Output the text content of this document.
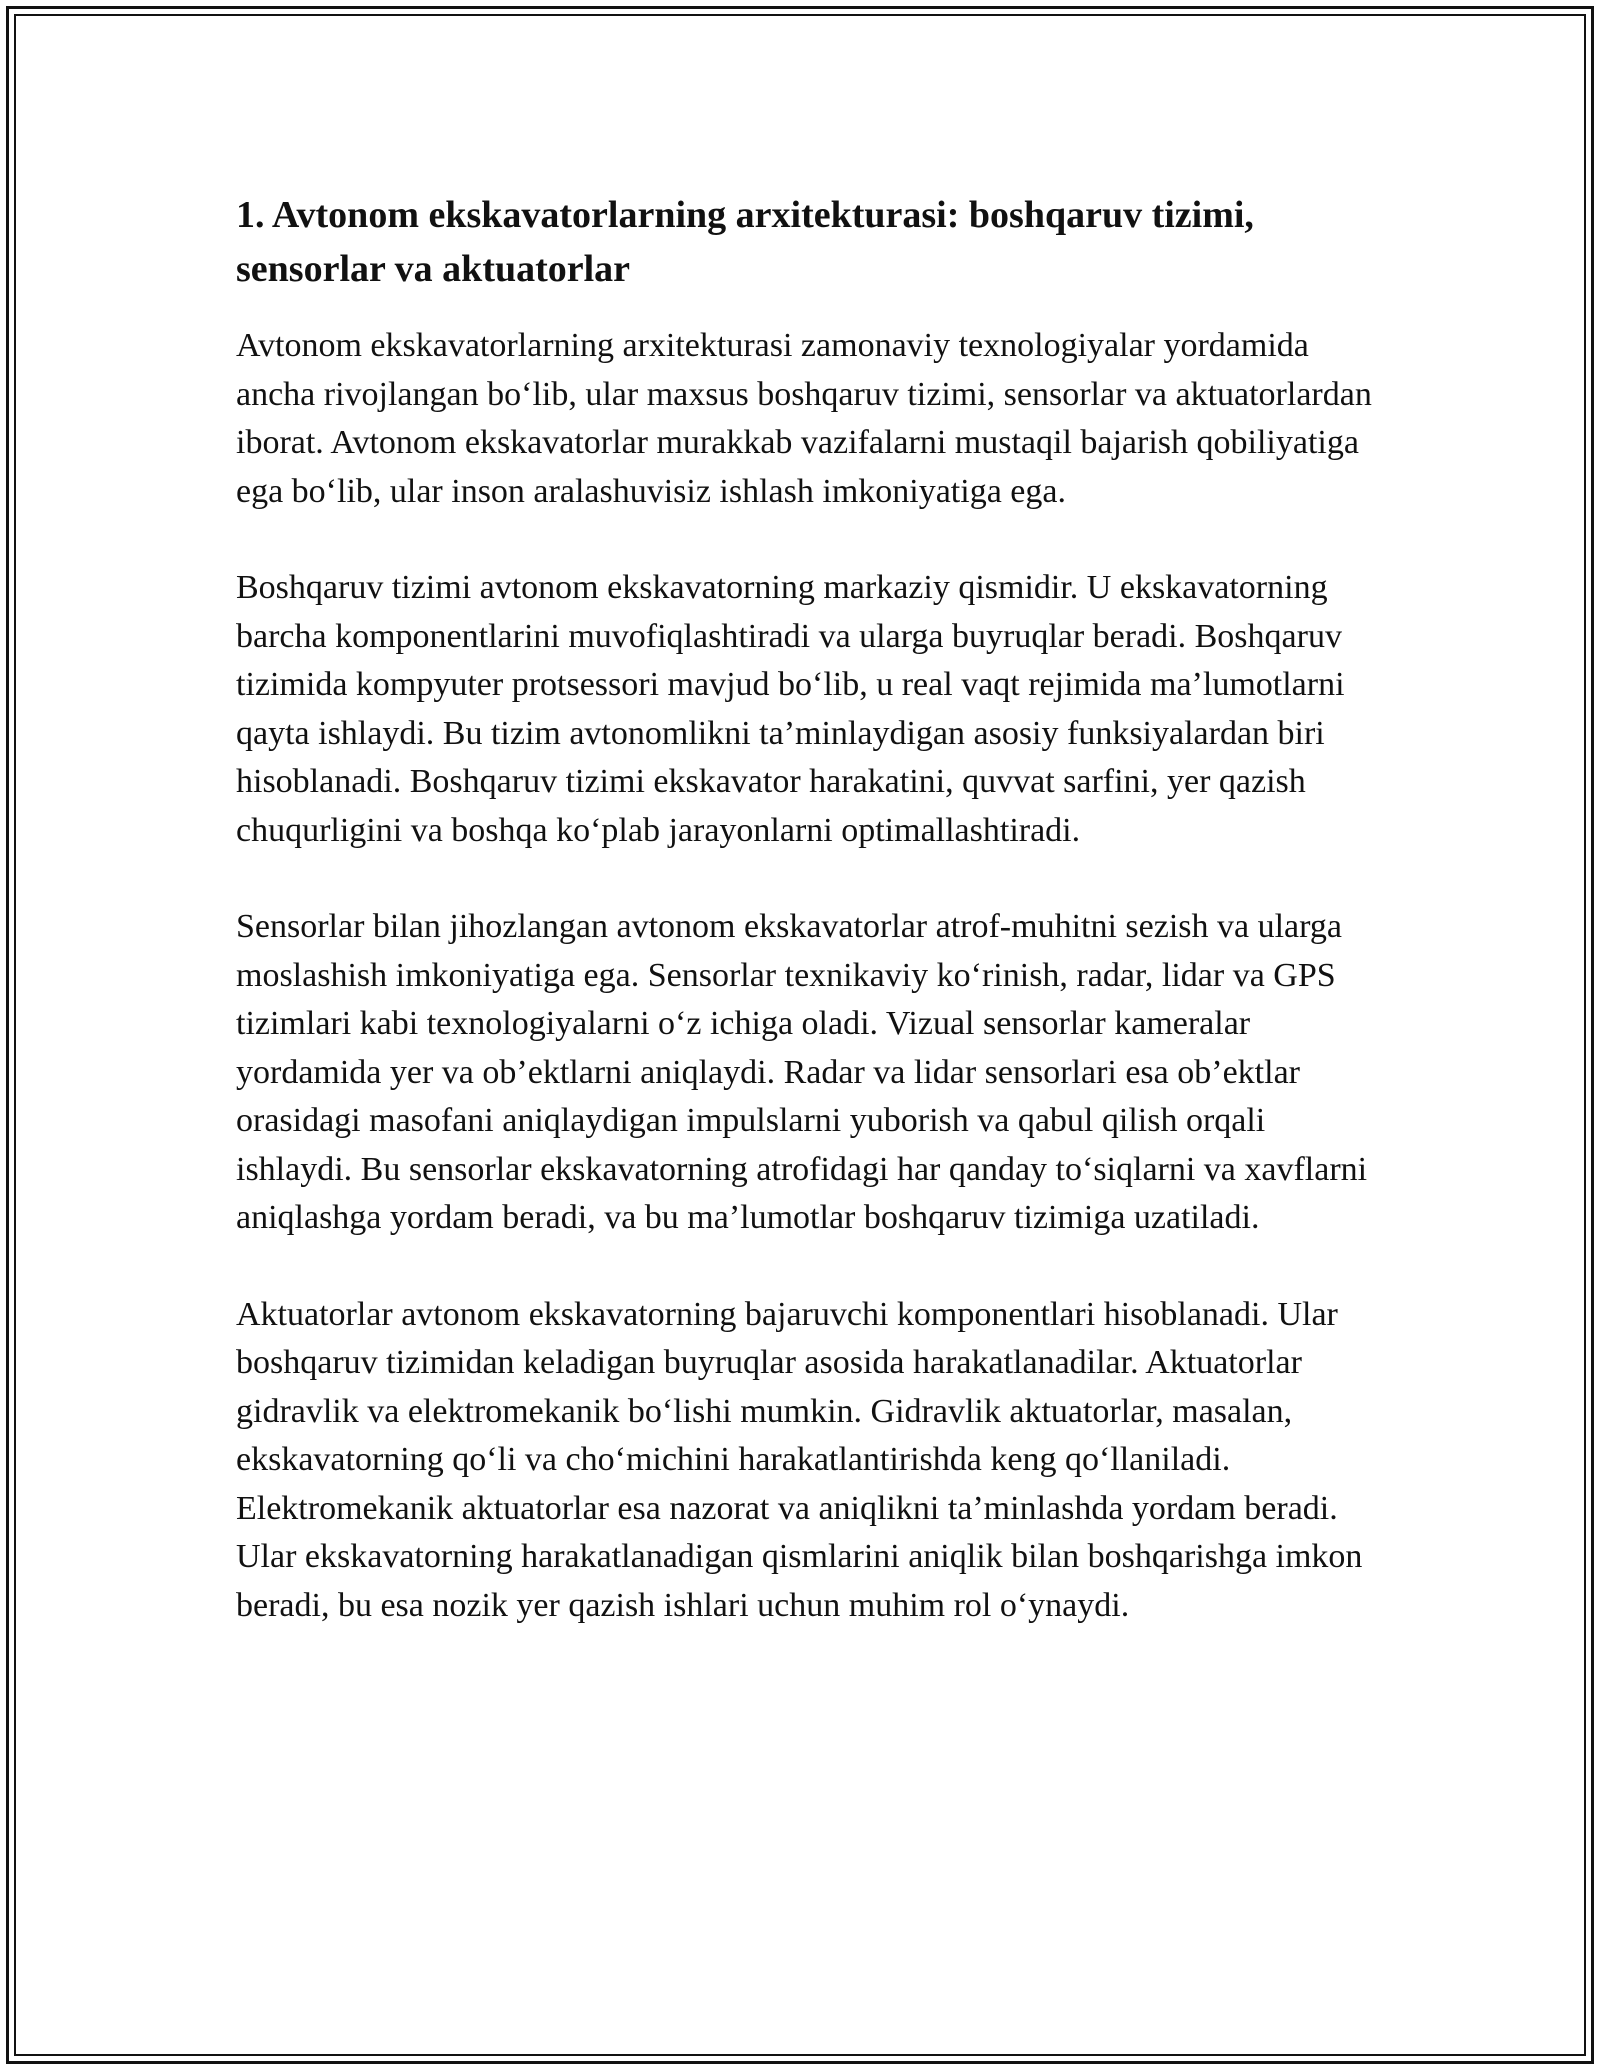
1. Avtonom ekskavatorlarning arxitekturasi: boshqaruv tizimi, sensorlar va aktuatorlar

Avtonom ekskavatorlarning arxitekturasi zamonaviy texnologiyalar yordamida ancha rivojlangan bo‘lib, ular maxsus boshqaruv tizimi, sensorlar va aktuatorlardan iborat. Avtonom ekskavatorlar murakkab vazifalarni mustaqil bajarish qobiliyatiga ega bo‘lib, ular inson aralashuvisiz ishlash imkoniyatiga ega.

Boshqaruv tizimi avtonom ekskavatorning markaziy qismidir. U ekskavatorning barcha komponentlarini muvofiqlashtiradi va ularga buyruqlar beradi. Boshqaruv tizimida kompyuter protsessori mavjud bo‘lib, u real vaqt rejimida ma’lumotlarni qayta ishlaydi. Bu tizim avtonomlikni ta’minlaydigan asosiy funksiyalardan biri hisoblanadi. Boshqaruv tizimi ekskavator harakatini, quvvat sarfini, yer qazish chuqurligini va boshqa ko‘plab jarayonlarni optimallashtiradi.

Sensorlar bilan jihozlangan avtonom ekskavatorlar atrof-muhitni sezish va ularga moslashish imkoniyatiga ega. Sensorlar texnikaviy ko‘rinish, radar, lidar va GPS tizimlari kabi texnologiyalarni o‘z ichiga oladi. Vizual sensorlar kameralar yordamida yer va ob’ektlarni aniqlaydi. Radar va lidar sensorlari esa ob’ektlar orasidagi masofani aniqlaydigan impulslarni yuborish va qabul qilish orqali ishlaydi. Bu sensorlar ekskavatorning atrofidagi har qanday to‘siqlarni va xavflarni aniqlashga yordam beradi, va bu ma’lumotlar boshqaruv tizimiga uzatiladi.

Aktuatorlar avtonom ekskavatorning bajaruvchi komponentlari hisoblanadi. Ular boshqaruv tizimidan keladigan buyruqlar asosida harakatlanadilar. Aktuatorlar gidravlik va elektromekanik bo‘lishi mumkin. Gidravlik aktuatorlar, masalan, ekskavatorning qo‘li va cho‘michini harakatlantirishda keng qo‘llaniladi. Elektromekanik aktuatorlar esa nazorat va aniqlikni ta’minlashda yordam beradi. Ular ekskavatorning harakatlanadigan qismlarini aniqlik bilan boshqarishga imkon beradi, bu esa nozik yer qazish ishlari uchun muhim rol o‘ynaydi.
